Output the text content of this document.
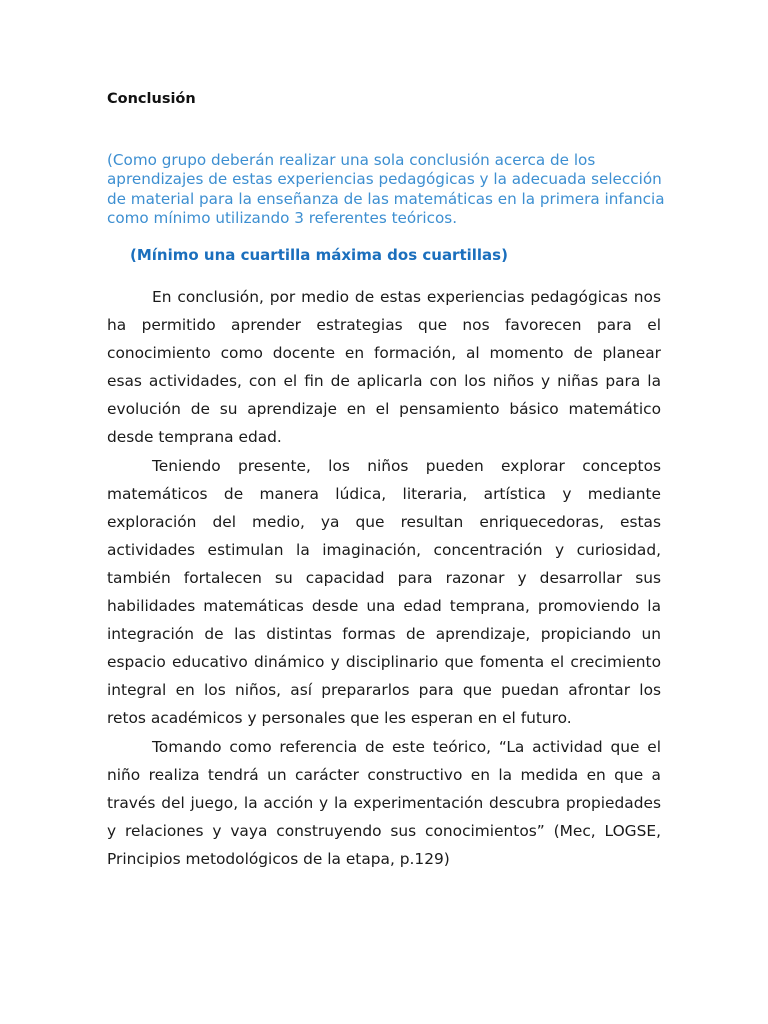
Conclusión

(Como grupo deberán realizar una sola conclusión acerca de los aprendizajes de estas experiencias pedagógicas y la adecuada selección de material para la enseñanza de las matemáticas en la primera infancia como mínimo utilizando 3 referentes teóricos.

(Mínimo una cuartilla máxima dos cuartillas)

En conclusión, por medio de estas experiencias pedagógicas nos ha permitido aprender estrategias que nos favorecen para el conocimiento como docente en formación, al momento de planear esas actividades, con el fin de aplicarla con los niños y niñas para la evolución de su aprendizaje en el pensamiento básico matemático desde temprana edad.

Teniendo presente, los niños pueden explorar conceptos matemáticos de manera lúdica, literaria, artística y mediante exploración del medio, ya que resultan enriquecedoras, estas actividades estimulan la imaginación, concentración y curiosidad, también fortalecen su capacidad para razonar y desarrollar sus habilidades matemáticas desde una edad temprana, promoviendo la integración de las distintas formas de aprendizaje, propiciando un espacio educativo dinámico y disciplinario que fomenta el crecimiento integral en los niños, así prepararlos para que puedan afrontar los retos académicos y personales que les esperan en el futuro.

Tomando como referencia de este teórico, “La actividad que el niño realiza tendrá un carácter constructivo en la medida en que a través del juego, la acción y la experimentación descubra propiedades y relaciones y vaya construyendo sus conocimientos” (Mec, LOGSE, Principios metodológicos de la etapa, p.129)
